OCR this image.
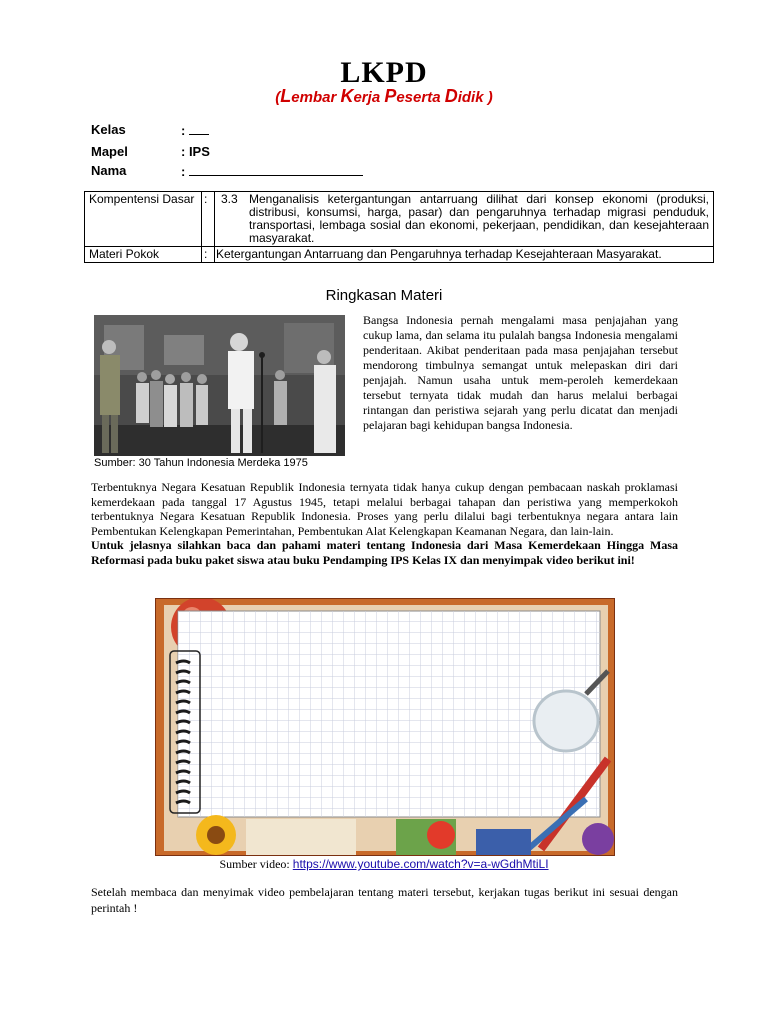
LKPD
(Lembar Kerja Peserta Didik )
Kelas	:
Mapel	: IPS
Nama	:
Kompentensi Dasar	:	3.3 Menganalisis ketergantungan antarruang dilihat dari konsep ekonomi (produksi, distribusi, konsumsi, harga, pasar) dan pengaruhnya terhadap migrasi penduduk, transportasi, lembaga sosial dan ekonomi, pekerjaan, pendidikan, dan kesejahteraan masyarakat.

Materi Pokok	:	Ketergantungan Antarruang dan Pengaruhnya terhadap Kesejahteraan Masyarakat.
Ringkasan Materi
Sumber: 30 Tahun Indonesia Merdeka 1975
Bangsa Indonesia pernah mengalami masa penjajahan yang cukup lama, dan selama itu pulalah bangsa Indonesia mengalami penderitaan. Akibat penderitaan pada masa penjajahan tersebut mendorong timbulnya semangat untuk melepaskan diri dari penjajah. Namun usaha untuk mem-peroleh kemerdekaan tersebut ternyata tidak mudah dan harus melalui berbagai rintangan dan peristiwa sejarah yang perlu dicatat dan menjadi pelajaran bagi kehidupan bangsa Indonesia.
Terbentuknya Negara Kesatuan Republik Indonesia ternyata tidak hanya cukup dengan pembacaan naskah proklamasi kemerdekaan pada tanggal 17 Agustus 1945, tetapi melalui berbagai tahapan dan peristiwa yang memperkokoh terbentuknya Negara Kesatuan Republik Indonesia. Proses yang perlu dilalui bagi terbentuknya negara antara lain Pembentukan Kelengkapan Pemerintahan, Pembentukan Alat Kelengkapan Keamanan Negara, dan lain-lain.
Untuk jelasnya silahkan baca dan pahami materi tentang Indonesia dari Masa Kemerdekaan Hingga Masa Reformasi pada buku paket siswa atau buku Pendamping IPS Kelas IX dan menyimpak video berikut ini!
Sumber video: https://www.youtube.com/watch?v=a-wGdhMtiLI
Setelah membaca dan menyimak video pembelajaran tentang materi tersebut, kerjakan tugas berikut ini sesuai dengan perintah !
